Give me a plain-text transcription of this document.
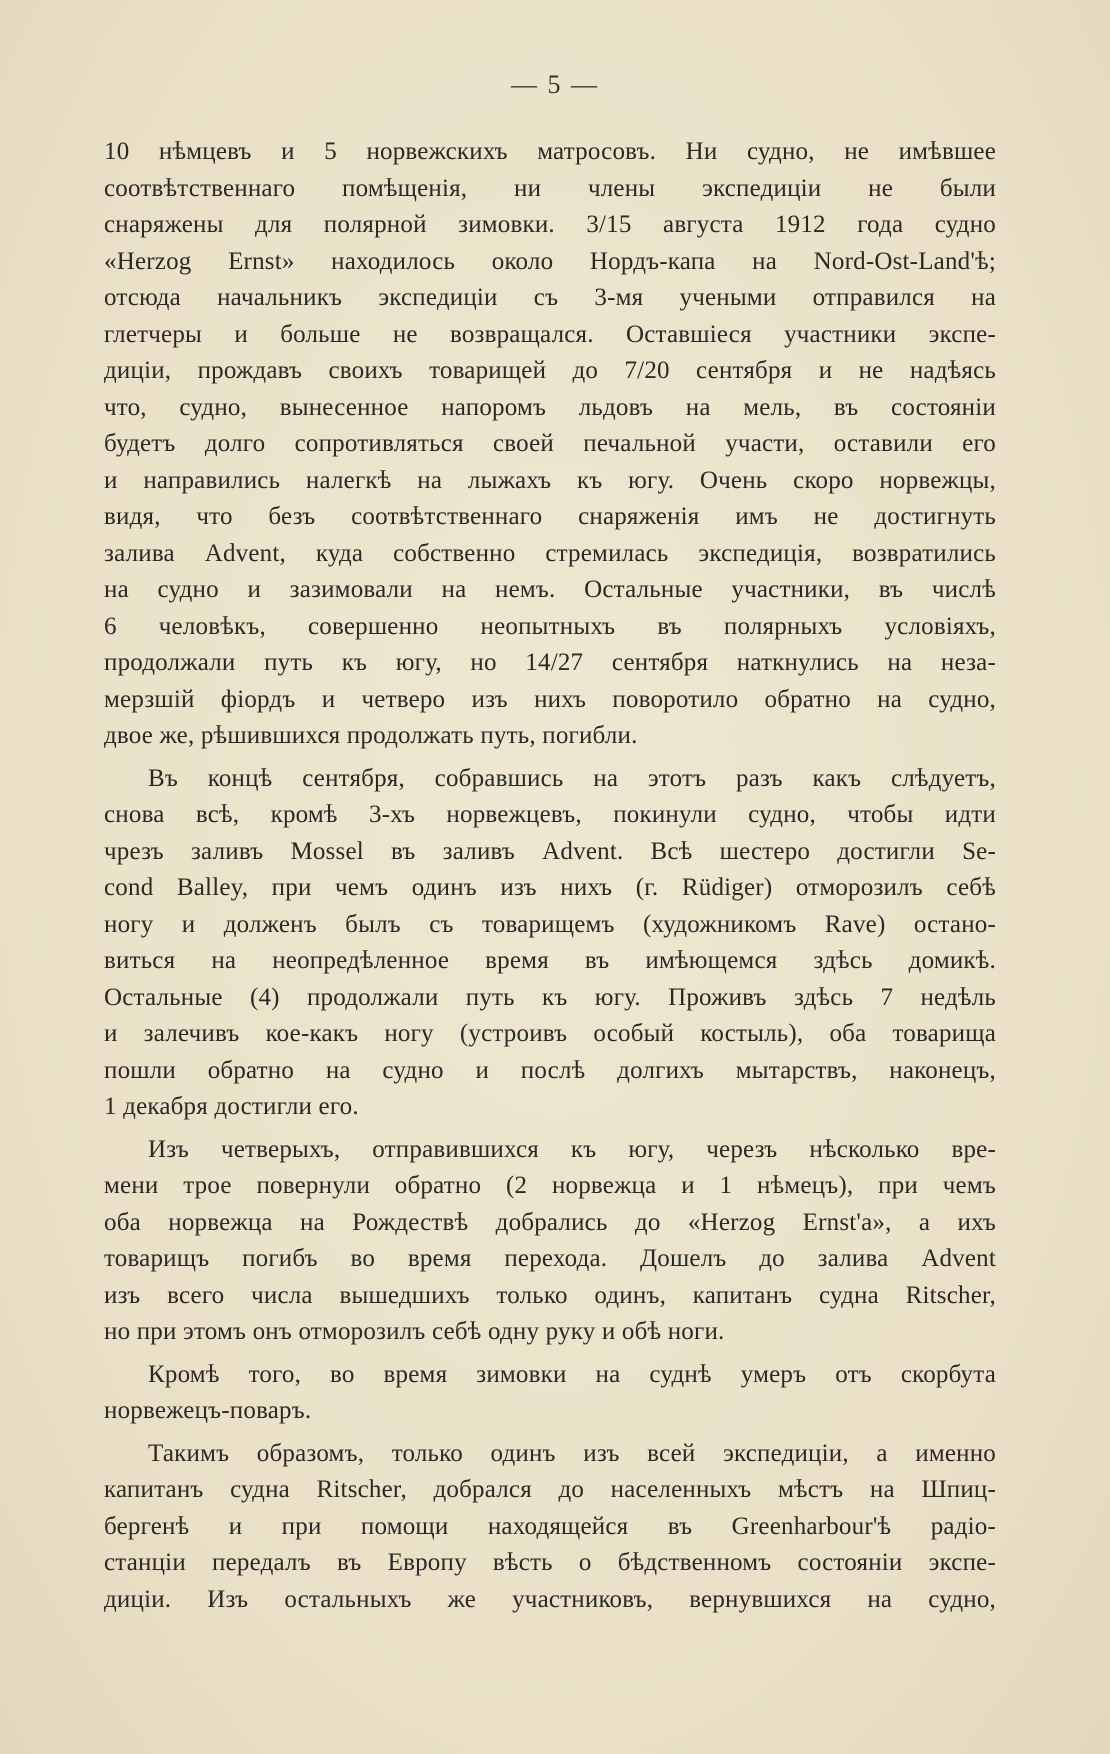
— 5 —
10 нѣмцевъ и 5 норвежскихъ матросовъ. Ни судно, не имѣвшее
соотвѣтственнаго помѣщенія, ни члены экспедиціи не были
снаряжены для полярной зимовки. 3/15 августа 1912 года судно
«Herzog Ernst» находилось около Нордъ-капа на Nord-Ost-Land'ѣ;
отсюда начальникъ экспедиціи съ 3-мя учеными отправился на
глетчеры и больше не возвращался. Оставшіеся участники экспе-
диціи, прождавъ своихъ товарищей до 7/20 сентября и не надѣясь
что, судно, вынесенное напоромъ льдовъ на мель, въ состояніи
будетъ долго сопротивляться своей печальной участи, оставили его
и направились налегкѣ на лыжахъ къ югу. Очень скоро норвежцы,
видя, что безъ соотвѣтственнаго снаряженія имъ не достигнуть
залива Advent, куда собственно стремилась экспедиція, возвратились
на судно и зазимовали на немъ. Остальные участники, въ числѣ
6 человѣкъ, совершенно неопытныхъ въ полярныхъ условіяхъ,
продолжали путь къ югу, но 14/27 сентября наткнулись на неза-
мерзшій фіордъ и четверо изъ нихъ поворотило обратно на судно,
двое же, рѣшившихся продолжать путь, погибли.
Въ концѣ сентября, собравшись на этотъ разъ какъ слѣдуетъ,
снова всѣ, кромѣ 3-хъ норвежцевъ, покинули судно, чтобы идти
чрезъ заливъ Mossel въ заливъ Advent. Всѣ шестеро достигли Se-
cond Balley, при чемъ одинъ изъ нихъ (г. Rüdiger) отморозилъ себѣ
ногу и долженъ былъ съ товарищемъ (художникомъ Rave) остано-
виться на неопредѣленное время въ имѣющемся здѣсь домикѣ.
Остальные (4) продолжали путь къ югу. Проживъ здѣсь 7 недѣль
и залечивъ кое-какъ ногу (устроивъ особый костыль), оба товарища
пошли обратно на судно и послѣ долгихъ мытарствъ, наконецъ,
1 декабря достигли его.
Изъ четверыхъ, отправившихся къ югу, черезъ нѣсколько вре-
мени трое повернули обратно (2 норвежца и 1 нѣмецъ), при чемъ
оба норвежца на Рождествѣ добрались до «Herzog Ernst'a», а ихъ
товарищъ погибъ во время перехода. Дошелъ до залива Advent
изъ всего числа вышедшихъ только одинъ, капитанъ судна Ritscher,
но при этомъ онъ отморозилъ себѣ одну руку и обѣ ноги.
Кромѣ того, во время зимовки на суднѣ умеръ отъ скорбута
норвежецъ-поваръ.
Такимъ образомъ, только одинъ изъ всей экспедиціи, а именно
капитанъ судна Ritscher, добрался до населенныхъ мѣстъ на Шпиц-
бергенѣ и при помощи находящейся въ Greenharbour'ѣ радіо-
станціи передалъ въ Европу вѣсть о бѣдственномъ состояніи экспе-
диціи. Изъ остальныхъ же участниковъ, вернувшихся на судно,
